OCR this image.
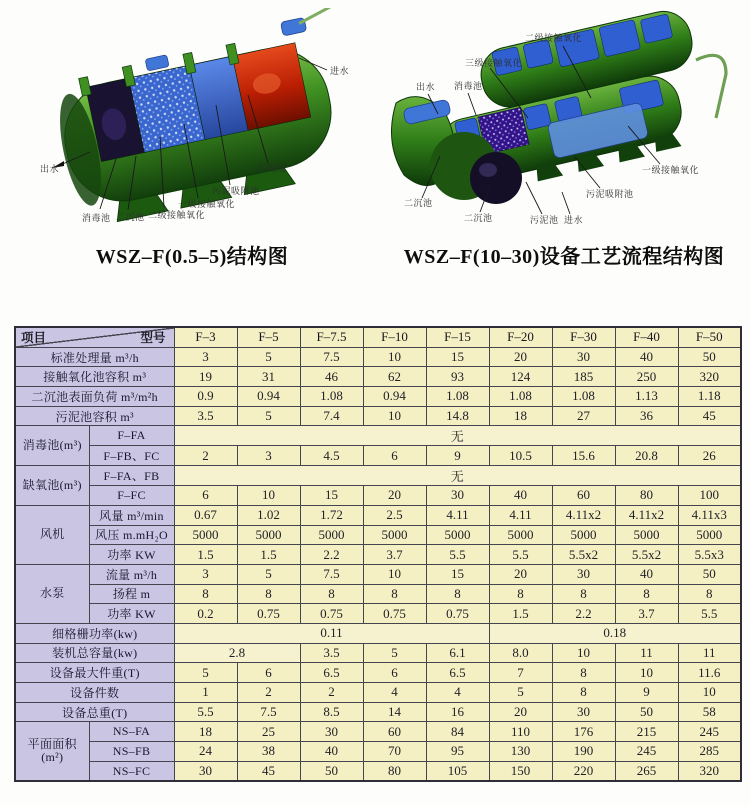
进水
出水
消毒池 二沉池 二级接触氧化
一级接触氧化
污泥吸附池
污泥池
WSZ–F(0.5–5)结构图
二级接触氧化
三级接触氧化
出水 消毒池
二沉池
二沉池	污泥池 进水
污泥吸附池
一级接触氧化
WSZ–F(10–30)设备工艺流程结构图
型号
项目		F–3	F–5	F–7.5	F–10	F–15	F–20	F–30	F–40	F–50
标准处理量 m³/h		3	5	7.5	10	15	20	30	40	50
接触氧化池容积 m³		19	31	46	62	93	124	185	250	320
二沉池表面负荷 m³/m²h		0.9	0.94	1.08	0.94	1.08	1.08	1.08	1.13	1.18
污泥池容积 m³		3.5	5	7.4	10	14.8	18	27	36	45
消毒池(m³)	F–FA	无								
	F–FB、FC	2	3	4.5	6	9	10.5	15.6	20.8	26
缺氧池(m³)	F–FA、FB	无								
	F–FC	6	10	15	20	30	40	60	80	100
风机	风量 m³/min	0.67	1.02	1.72	2.5	4.11	4.11	4.11x2	4.11x2	4.11x3
	风压 m.mH₂O	5000	5000	5000	5000	5000	5000	5000	5000	5000
	功率 KW	1.5	1.5	2.2	3.7	5.5	5.5	5.5x2	5.5x2	5.5x3
水泵	流量 m³/h	3	5	7.5	10	15	20	30	40	50
	扬程 m	8	8	8	8	8	8	8	8	8
	功率 KW	0.2	0.75	0.75	0.75	0.75	1.5	2.2	3.7	5.5
细格栅功率(kw)		0.11					0.18			
装机总容量(kw)		2.8		3.5	5	6.1	8.0	10	11	11
设备最大件重(T)		5	6	6.5	6	6.5	7	8	10	11.6
设备件数		1	2	2	4	4	5	8	9	10
设备总重(T)		5.5	7.5	8.5	14	16	20	30	50	58
平面面积 (m²)	NS–FA	18	25	30	60	84	110	176	215	245
	NS–FB	24	38	40	70	95	130	190	245	285
	NS–FC	30	45	50	80	105	150	220	265	320
